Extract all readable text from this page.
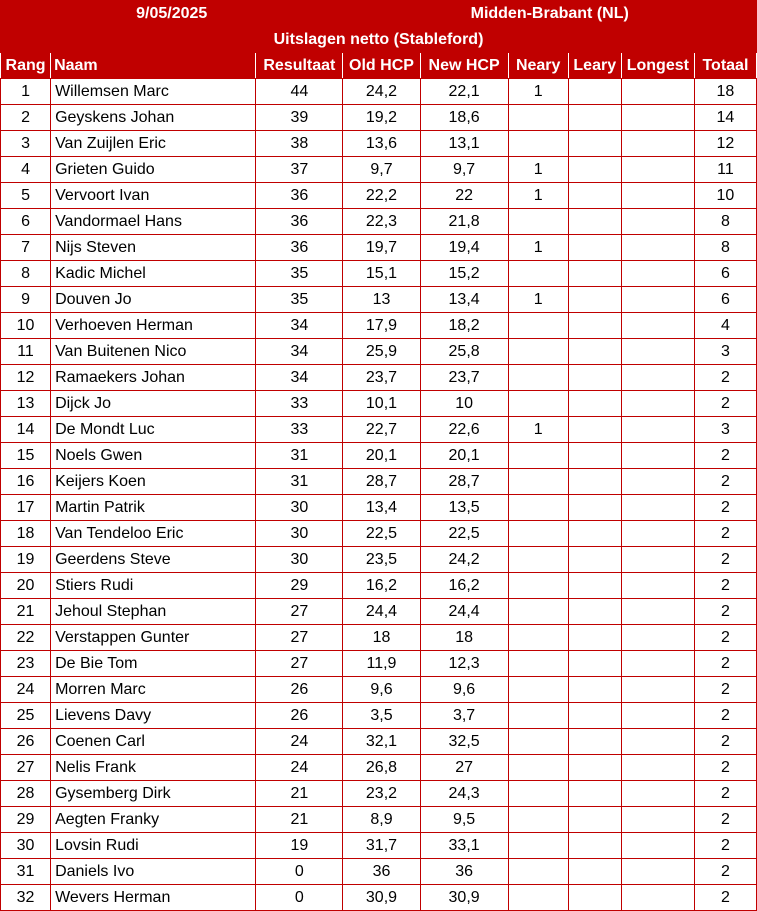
9/05/2025			Midden-Brabant (NL)					
Uitslagen netto (Stableford)								
Rang	Naam	Resultaat	Old HCP	New HCP	Neary	Leary	Longest	Totaal
1	Willemsen Marc	44	24,2	22,1	1			18
2	Geyskens Johan	39	19,2	18,6				14
3	Van Zuijlen Eric	38	13,6	13,1				12
4	Grieten Guido	37	9,7	9,7	1			11
5	Vervoort Ivan	36	22,2	22	1			10
6	Vandormael Hans	36	22,3	21,8				8
7	Nijs Steven	36	19,7	19,4	1			8
8	Kadic Michel	35	15,1	15,2				6
9	Douven Jo	35	13	13,4	1			6
10	Verhoeven Herman	34	17,9	18,2				4
11	Van Buitenen Nico	34	25,9	25,8				3
12	Ramaekers Johan	34	23,7	23,7				2
13	Dijck Jo	33	10,1	10				2
14	De Mondt Luc	33	22,7	22,6	1			3
15	Noels Gwen	31	20,1	20,1				2
16	Keijers Koen	31	28,7	28,7				2
17	Martin Patrik	30	13,4	13,5				2
18	Van Tendeloo Eric	30	22,5	22,5				2
19	Geerdens Steve	30	23,5	24,2				2
20	Stiers Rudi	29	16,2	16,2				2
21	Jehoul Stephan	27	24,4	24,4				2
22	Verstappen Gunter	27	18	18				2
23	De Bie Tom	27	11,9	12,3				2
24	Morren Marc	26	9,6	9,6				2
25	Lievens Davy	26	3,5	3,7				2
26	Coenen Carl	24	32,1	32,5				2
27	Nelis Frank	24	26,8	27				2
28	Gysemberg Dirk	21	23,2	24,3				2
29	Aegten Franky	21	8,9	9,5				2
30	Lovsin Rudi	19	31,7	33,1				2
31	Daniels Ivo	0	36	36				2
32	Wevers Herman	0	30,9	30,9				2
